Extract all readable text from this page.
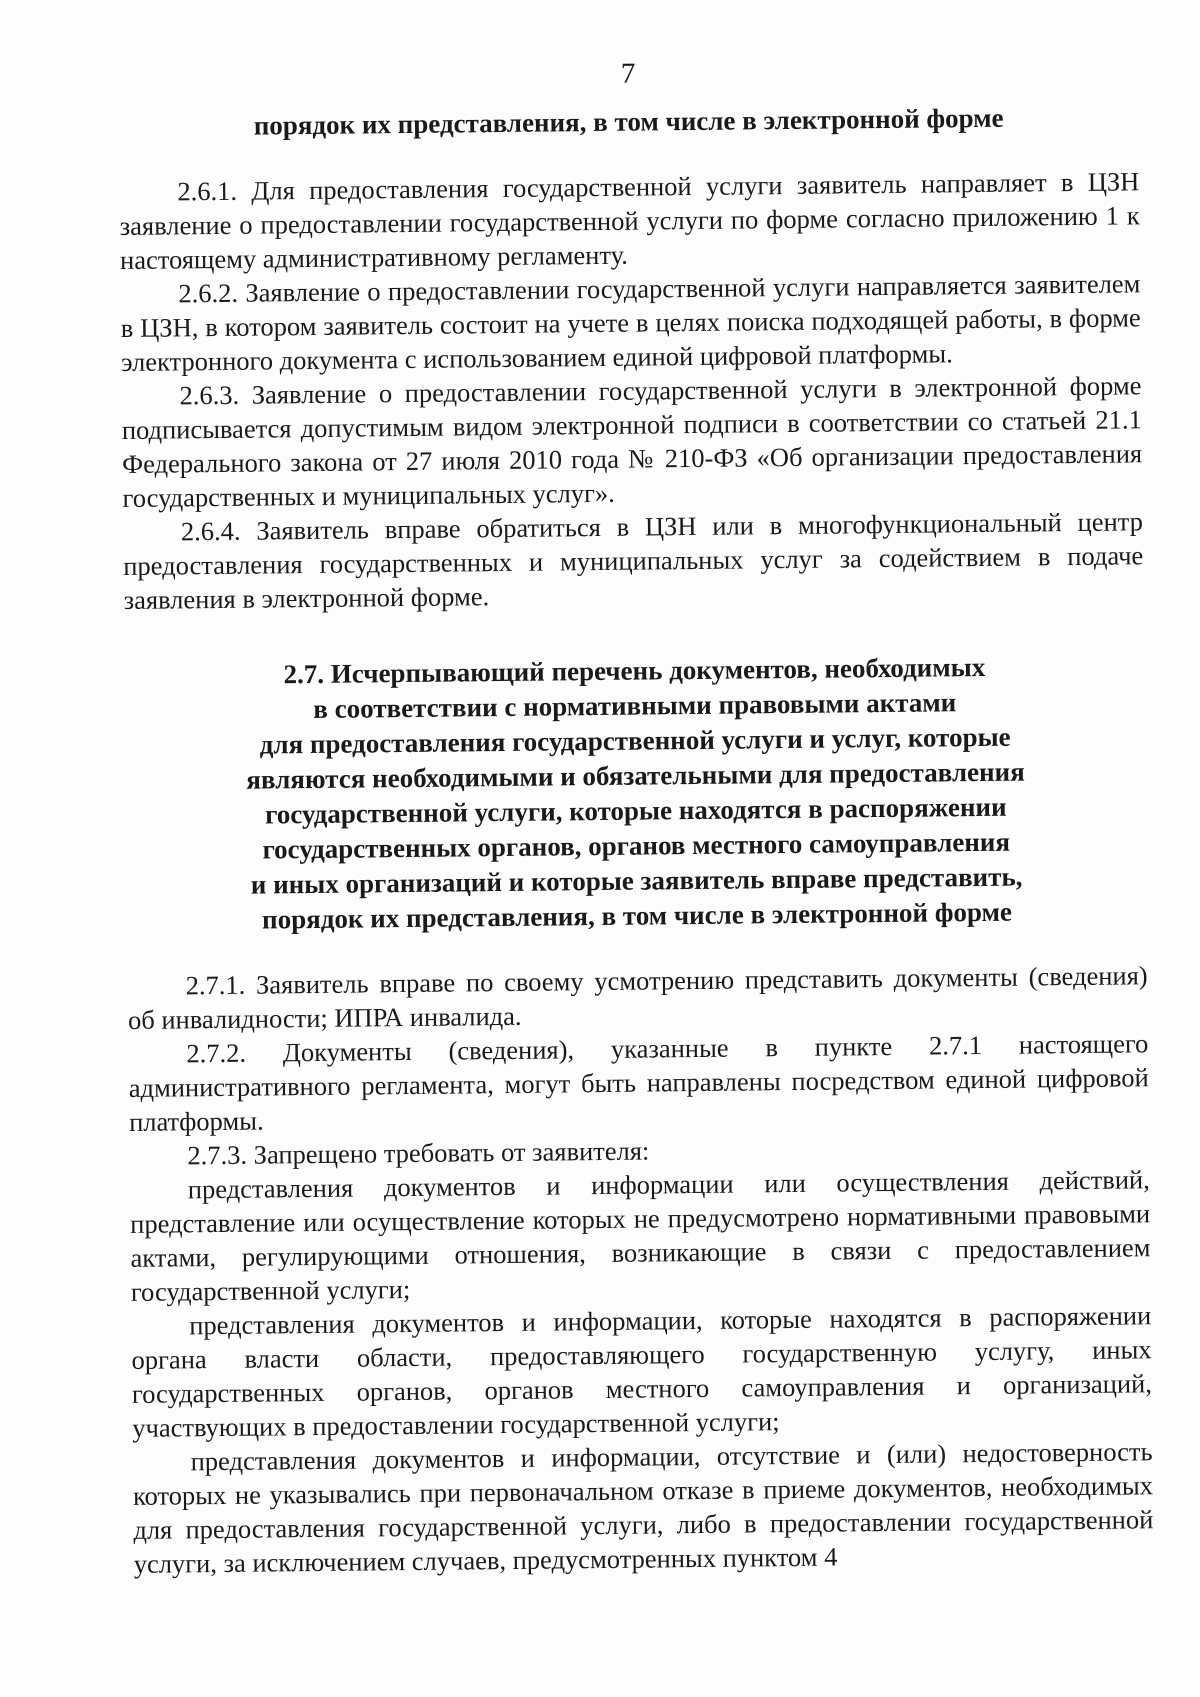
7
порядок их представления, в том числе в электронной форме

2.6.1. Для предоставления государственной услуги заявитель направляет в ЦЗН заявление о предоставлении государственной услуги по форме согласно приложению 1 к настоящему административному регламенту.

2.6.2. Заявление о предоставлении государственной услуги направляется заявителем в ЦЗН, в котором заявитель состоит на учете в целях поиска подходящей работы, в форме электронного документа с использованием единой цифровой платформы.

2.6.3. Заявление о предоставлении государственной услуги в электронной форме подписывается допустимым видом электронной подписи в соответствии со статьей 21.1 Федерального закона от 27 июля 2010 года № 210-ФЗ «Об организации предоставления государственных и муниципальных услуг».

2.6.4. Заявитель вправе обратиться в ЦЗН или в многофункциональный центр предоставления государственных и муниципальных услуг за содействием в подаче заявления в электронной форме.

2.7. Исчерпывающий перечень документов, необходимых
в соответствии с нормативными правовыми актами
для предоставления государственной услуги и услуг, которые
являются необходимыми и обязательными для предоставления
государственной услуги, которые находятся в распоряжении
государственных органов, органов местного самоуправления
и иных организаций и которые заявитель вправе представить,
порядок их представления, в том числе в электронной форме

2.7.1. Заявитель вправе по своему усмотрению представить документы (сведения) об инвалидности; ИПРА инвалида.

2.7.2. Документы (сведения), указанные в пункте 2.7.1 настоящего административного регламента, могут быть направлены посредством единой цифровой платформы.

2.7.3. Запрещено требовать от заявителя:

представления документов и информации или осуществления действий, представление или осуществление которых не предусмотрено нормативными правовыми актами, регулирующими отношения, возникающие в связи с предоставлением государственной услуги;

представления документов и информации, которые находятся в распоряжении органа власти области, предоставляющего государственную услугу, иных государственных органов, органов местного самоуправления и организаций, участвующих в предоставлении государственной услуги;

представления документов и информации, отсутствие и (или) недостоверность которых не указывались при первоначальном отказе в приеме документов, необходимых для предоставления государственной услуги, либо в предоставлении государственной услуги, за исключением случаев, предусмотренных пунктом 4
